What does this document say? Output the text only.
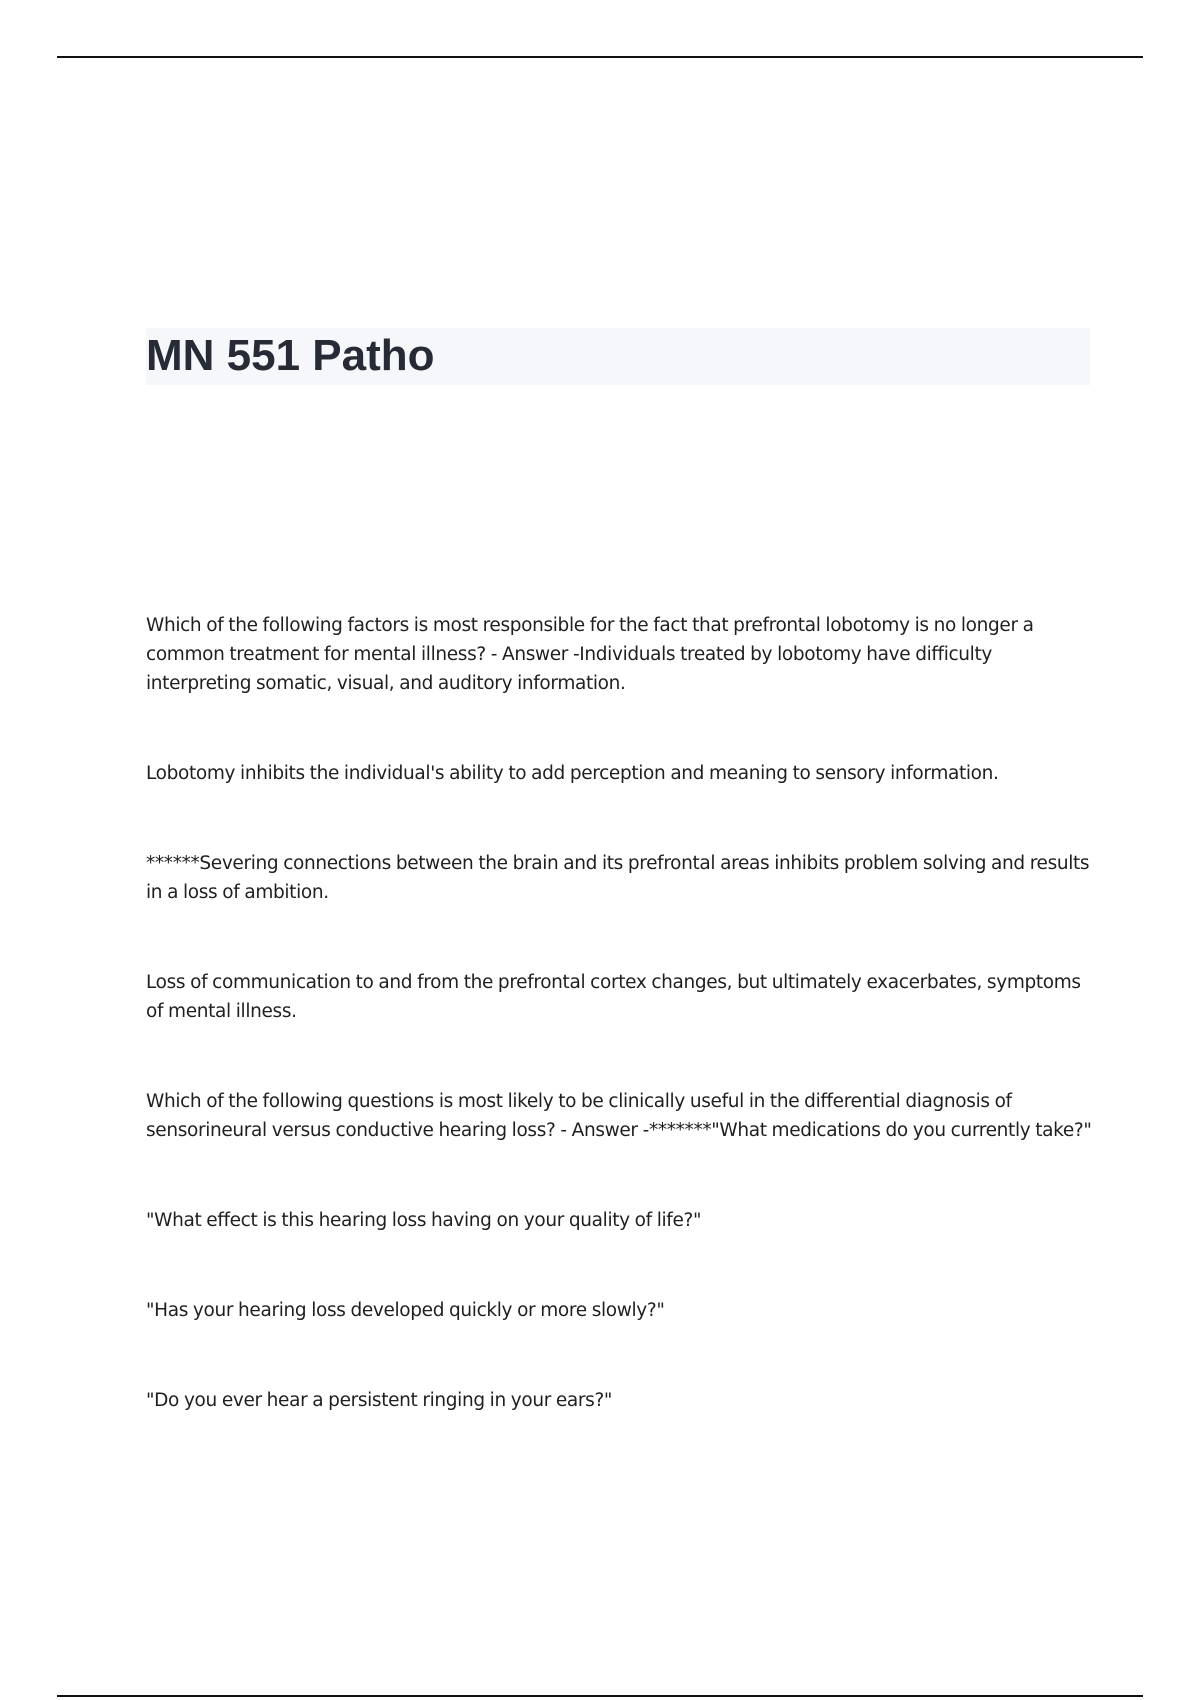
MN 551 Patho

Which of the following factors is most responsible for the fact that prefrontal lobotomy is no longer a common treatment for mental illness? - Answer -Individuals treated by lobotomy have difficulty interpreting somatic, visual, and auditory information.

Lobotomy inhibits the individual's ability to add perception and meaning to sensory information.

******Severing connections between the brain and its prefrontal areas inhibits problem solving and results in a loss of ambition.

Loss of communication to and from the prefrontal cortex changes, but ultimately exacerbates, symptoms of mental illness.

Which of the following questions is most likely to be clinically useful in the differential diagnosis of sensorineural versus conductive hearing loss? - Answer -*******"What medications do you currently take?"

"What effect is this hearing loss having on your quality of life?"

"Has your hearing loss developed quickly or more slowly?"

"Do you ever hear a persistent ringing in your ears?"
